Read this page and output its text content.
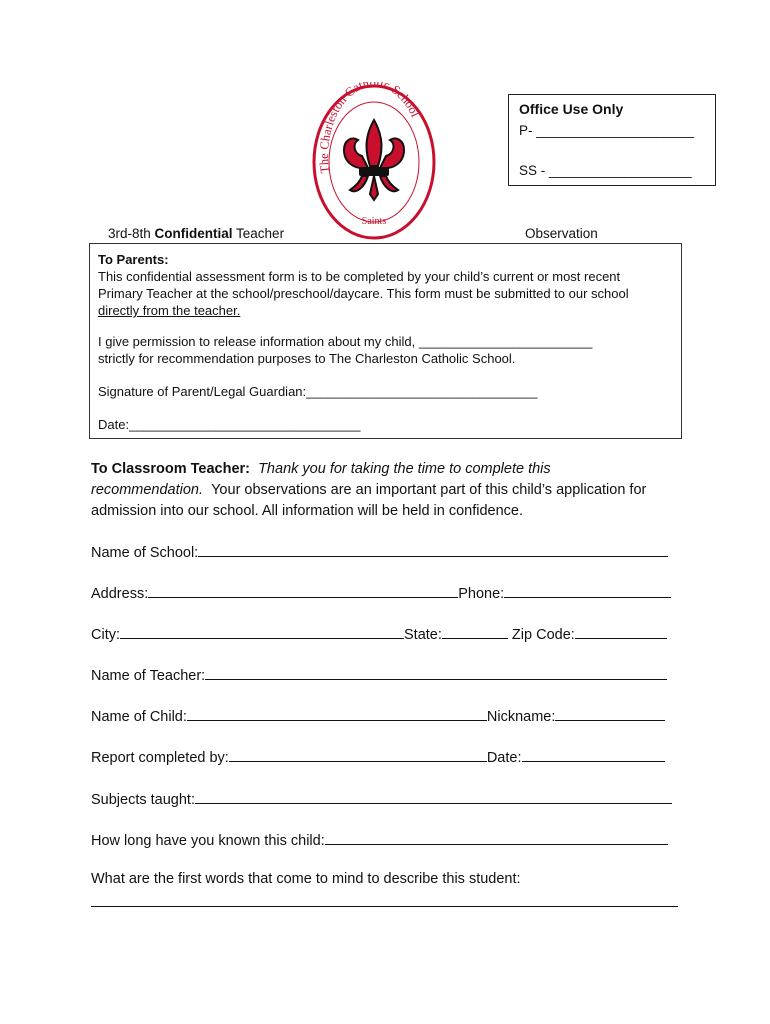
The Charleston Catholic School
Saints
Office Use Only
P- _____________________
SS - ___________________
3rd-8th Confidential Teacher	Observation
To Parents:
This confidential assessment form is to be completed by your child’s current or most recent
Primary Teacher at the school/preschool/daycare. This form must be submitted to our school
directly from the teacher.
I give permission to release information about my child, ________________________
strictly for recommendation purposes to The Charleston Catholic School.
Signature of Parent/Legal Guardian:________________________________
Date:________________________________
To Classroom Teacher: Thank you for taking the time to complete this recommendation. Your observations are an important part of this child’s application for admission into our school. All information will be held in confidence.
Name of School:
Address:	Phone:
City:	State:	Zip Code:
Name of Teacher:
Name of Child:	Nickname:
Report completed by:	Date:
Subjects taught:
How long have you known this child:
What are the first words that come to mind to describe this student:
